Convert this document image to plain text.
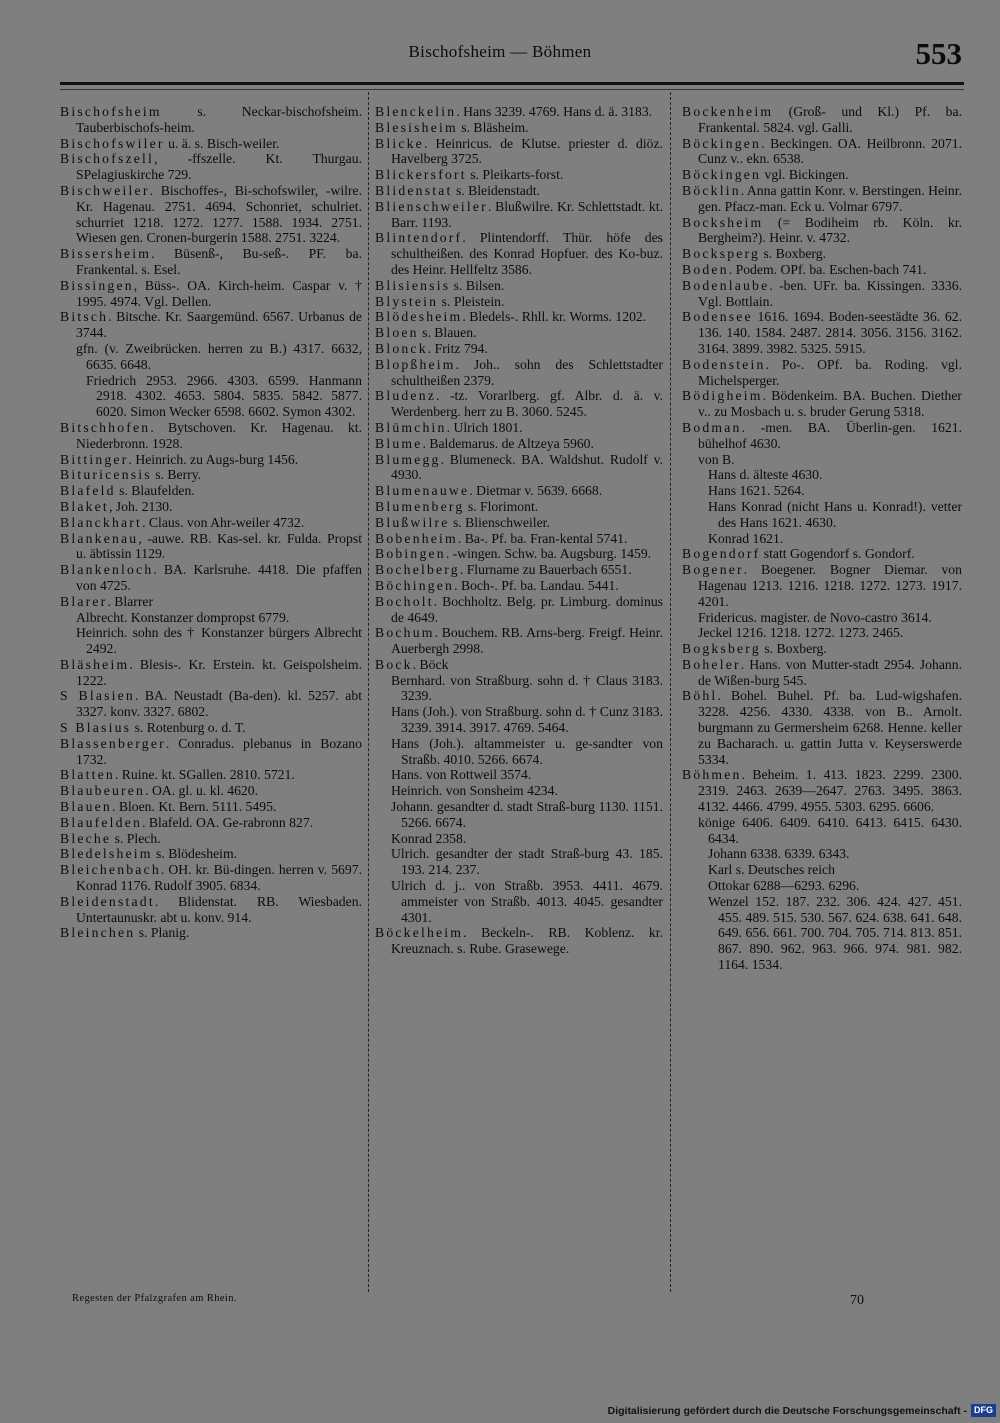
Bischofsheim — Böhmen	553

Bischofsheim s. Neckar-bischofsheim. Tauberbischofs-heim.

Bischofswiler u. ä. s. Bisch-weiler.

Bischofszell, -ffszelle. Kt. Thurgau. SPelagiuskirche 729.

Bischweiler. Bischoffes-, Bi-schofswiler, -wilre. Kr. Hagenau. 2751. 4694. Schonriet, schulriet. schurriet 1218. 1272. 1277. 1588. 1934. 2751. Wiesen gen. Cronen-burgerin 1588. 2751. 3224.

Bissersheim. Büsenß-, Bu-seß-. PF. ba. Frankental. s. Esel.

Bissingen, Büss-. OA. Kirch-heim. Caspar v. † 1995. 4974. Vgl. Dellen.

Bitsch. Bitsche. Kr. Saargemünd. 6567. Urbanus de 3744.

gfn. (v. Zweibrücken. herren zu B.) 4317. 6632, 6635. 6648.

Friedrich 2953. 2966. 4303. 6599. Hanmann 2918. 4302. 4653. 5804. 5835. 5842. 5877. 6020. Simon Wecker 6598. 6602. Symon 4302.

Bitschhofen. Bytschoven. Kr. Hagenau. kt. Niederbronn. 1928.

Bittinger. Heinrich. zu Augs-burg 1456.

Bituricensis s. Berry.

Blafeld s. Blaufelden.

Blaket, Joh. 2130.

Blanckhart. Claus. von Ahr-weiler 4732.

Blankenau, -auwe. RB. Kas-sel. kr. Fulda. Propst u. äbtissin 1129.

Blankenloch. BA. Karlsruhe. 4418. Die pfaffen von 4725.

Blarer. Blarrer

Albrecht. Konstanzer dompropst 6779.

Heinrich. sohn des † Konstanzer bürgers Albrecht 2492.

Bläsheim. Blesis-. Kr. Erstein. kt. Geispolsheim. 1222.

S Blasien. BA. Neustadt (Ba-den). kl. 5257. abt 3327. konv. 3327. 6802.

S Blasius s. Rotenburg o. d. T.

Blassenberger. Conradus. plebanus in Bozano 1732.

Blatten. Ruine. kt. SGallen. 2810. 5721.

Blaubeuren. OA. gl. u. kl. 4620.

Blauen. Bloen. Kt. Bern. 5111. 5495.

Blaufelden. Blafeld. OA. Ge-rabronn 827.

Bleche s. Plech.

Bledelsheim s. Blödesheim.

Bleichenbach. OH. kr. Bü-dingen. herren v. 5697. Konrad 1176. Rudolf 3905. 6834.

Bleidenstadt. Blidenstat. RB. Wiesbaden. Untertaunuskr. abt u. konv. 914.

Bleinchen s. Planig.

Blenckelin. Hans 3239. 4769. Hans d. ä. 3183.

Blesisheim s. Bläsheim.

Blicke. Heinricus. de Klutse. priester d. diöz. Havelberg 3725.

Blickersfort s. Pleikarts-forst.

Blidenstat s. Bleidenstadt.

Blienschweiler. Blußwilre. Kr. Schlettstadt. kt. Barr. 1193.

Blintendorf. Plintendorff. Thür. höfe des schultheißen. des Konrad Hopfuer. des Ko-buz. des Heinr. Hellfeltz 3586.

Blisiensis s. Bilsen.

Blystein s. Pleistein.

Blödesheim. Bledels-. Rhll. kr. Worms. 1202.

Bloen s. Blauen.

Blonck. Fritz 794.

Blopßheim. Joh.. sohn des Schlettstadter schultheißen 2379.

Bludenz. -tz. Vorarlberg. gf. Albr. d. ä. v. Werdenberg. herr zu B. 3060. 5245.

Blümchin. Ulrich 1801.

Blume. Baldemarus. de Altzeya 5960.

Blumegg. Blumeneck. BA. Waldshut. Rudolf v. 4930.

Blumenauwe. Dietmar v. 5639. 6668.

Blumenberg s. Florimont.

Blußwilre s. Blienschweiler.

Bobenheim. Ba-. Pf. ba. Fran-kental 5741.

Bobingen. -wingen. Schw. ba. Augsburg. 1459.

Bochelberg. Flurname zu Bauerbach 6551.

Böchingen. Boch-. Pf. ba. Landau. 5441.

Bocholt. Bochholtz. Belg. pr. Limburg. dominus de 4649.

Bochum. Bouchem. RB. Arns-berg. Freigf. Heinr. Auerbergh 2998.

Bock. Böck

Bernhard. von Straßburg. sohn d. † Claus 3183. 3239.

Hans (Joh.). von Straßburg. sohn d. † Cunz 3183. 3239. 3914. 3917. 4769. 5464.

Hans (Joh.). altammeister u. ge-sandter von Straßb. 4010. 5266. 6674.

Hans. von Rottweil 3574.

Heinrich. von Sonsheim 4234.

Johann. gesandter d. stadt Straß-burg 1130. 1151. 5266. 6674.

Konrad 2358.

Ulrich. gesandter der stadt Straß-burg 43. 185. 193. 214. 237.

Ulrich d. j.. von Straßb. 3953. 4411. 4679. ammeister von Straßb. 4013. 4045. gesandter 4301.

Böckelheim. Beckeln-. RB. Koblenz. kr. Kreuznach. s. Rube. Grasewege.

Bockenheim (Groß- und Kl.) Pf. ba. Frankental. 5824. vgl. Galli.

Böckingen. Beckingen. OA. Heilbronn. 2071. Cunz v.. ekn. 6538.

Böckingen vgl. Bickingen.

Böcklin. Anna gattin Konr. v. Berstingen. Heinr. gen. Pfacz-man. Eck u. Volmar 6797.

Bocksheim (= Bodiheim rb. Köln. kr. Bergheim?). Heinr. v. 4732.

Bocksperg s. Boxberg.

Boden. Podem. OPf. ba. Eschen-bach 741.

Bodenlaube. -ben. UFr. ba. Kissingen. 3336. Vgl. Bottlain.

Bodensee 1616. 1694. Boden-seestädte 36. 62. 136. 140. 1584. 2487. 2814. 3056. 3156. 3162. 3164. 3899. 3982. 5325. 5915.

Bodenstein. Po-. OPf. ba. Roding. vgl. Michelsperger.

Bödigheim. Bödenkeim. BA. Buchen. Diether v.. zu Mosbach u. s. bruder Gerung 5318.

Bodman. -men. BA. Überlin-gen. 1621. bühelhof 4630.

von B.

Hans d. älteste 4630.

Hans 1621. 5264.

Hans Konrad (nicht Hans u. Konrad!). vetter des Hans 1621. 4630.

Konrad 1621.

Bogendorf statt Gogendorf s. Gondorf.

Bogener. Boegener. Bogner Diemar. von Hagenau 1213. 1216. 1218. 1272. 1273. 1917. 4201.

Fridericus. magister. de Novo-castro 3614.

Jeckel 1216. 1218. 1272. 1273. 2465.

Bogksberg s. Boxberg.

Boheler. Hans. von Mutter-stadt 2954. Johann. de Wißen-burg 545.

Böhl. Bohel. Buhel. Pf. ba. Lud-wigshafen. 3228. 4256. 4330. 4338. von B.. Arnolt. burgmann zu Germersheim 6268. Henne. keller zu Bacharach. u. gattin Jutta v. Keyserswerde 5334.

Böhmen. Beheim. 1. 413. 1823. 2299. 2300. 2319. 2463. 2639—2647. 2763. 3495. 3863. 4132. 4466. 4799. 4955. 5303. 6295. 6606.

könige 6406. 6409. 6410. 6413. 6415. 6430. 6434.

Johann 6338. 6339. 6343.

Karl s. Deutsches reich

Ottokar 6288—6293. 6296.

Wenzel 152. 187. 232. 306. 424. 427. 451. 455. 489. 515. 530. 567. 624. 638. 641. 648. 649. 656. 661. 700. 704. 705. 714. 813. 851. 867. 890. 962. 963. 966. 974. 981. 982. 1164. 1534.

Regesten der Pfalzgrafen am Rhein.	70
Digitalisierung gefördert durch die Deutsche Forschungsgemeinschaft - DFG
